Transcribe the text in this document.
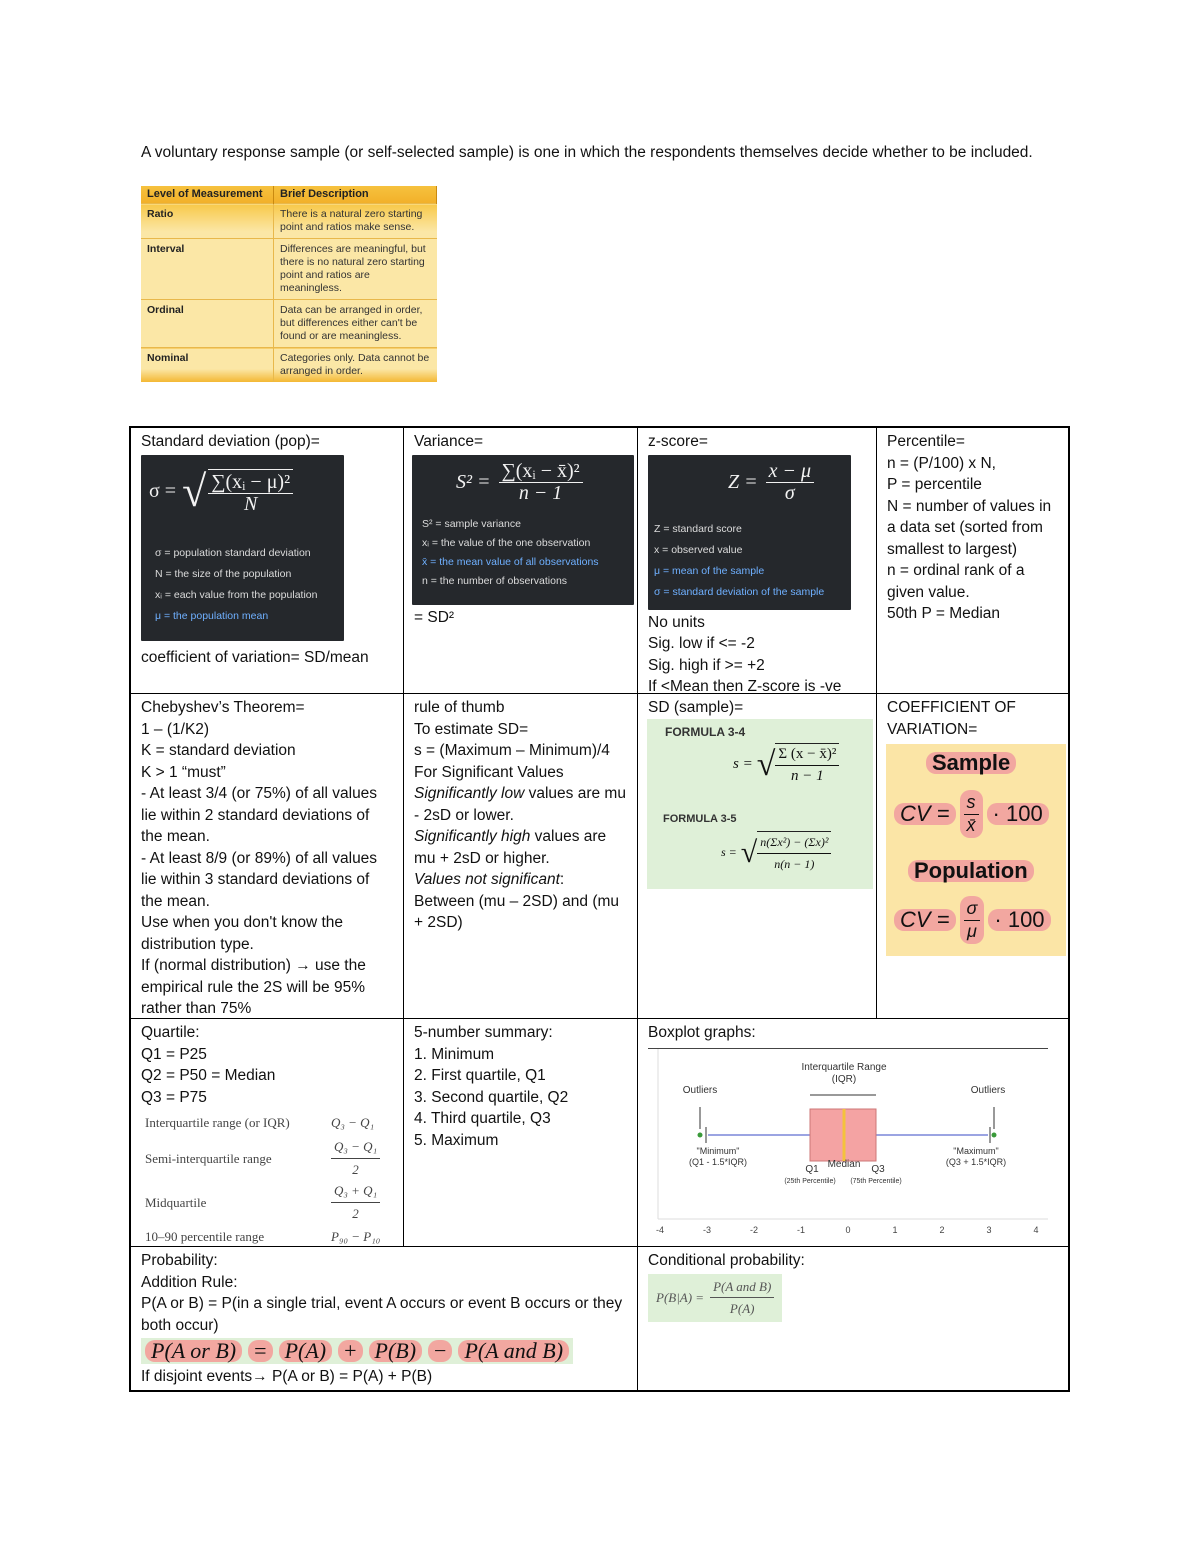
A voluntary response sample (or self-selected sample) is one in which the respondents themselves decide whether to be included.
Level of Measurement	Brief Description
Ratio	There is a natural zero starting point and ratios make sense.
Interval	Differences are meaningful, but there is no natural zero starting point and ratios are meaningless.
Ordinal	Data can be arranged in order, but differences either can't be found or are meaningless.
Nominal	Categories only. Data cannot be arranged in order.
Standard deviation (pop)=
σ = √ $\frac{\text{∑(xᵢ − μ)²}}{N}$
σ = population standard deviation
N = the size of the population
xᵢ = each value from the population
μ = the population mean
coefficient of variation= SD/mean
Variance=
$S^2 = \frac{\text{∑(xᵢ − x̄)²}}{n - 1}$
S² = sample variance
xᵢ = the value of the one observation
x̄ = the mean value of all observations
n = the number of observations
= SD²
z-score=
$Z = \frac{x - \mu}{\sigma}$
Z = standard score
x = observed value
μ = mean of the sample
σ = standard deviation of the sample
No units
Sig. low if <= -2
Sig. high if >= +2
If <Mean then Z-score is -ve
Percentile=
n = (P/100) x N,
P = percentile
N = number of values in a data set (sorted from smallest to largest)
n = ordinal rank of a given value.
50th P = Median
Chebyshev’s Theorem=
1 – (1/K2)
K = standard deviation
K > 1 “must”
- At least 3/4 (or 75%) of all values lie within 2 standard deviations of the mean.
- At least 8/9 (or 89%) of all values lie within 3 standard deviations of the mean.
Use when you don't know the distribution type.
If (normal distribution) → use the empirical rule the 2S will be 95% rather than 75%
rule of thumb
To estimate SD=
s = (Maximum – Minimum)/4
For Significant Values
Significantly low values are mu - 2sD or lower.
Significantly high values are mu + 2sD or higher.
Values not significant: Between (mu – 2SD) and (mu + 2SD)
SD (sample)=
FORMULA 3-4
s = √ $\frac{\text{Σ (x − x̄)²}}{n - 1}$
FORMULA 3-5
s = √ $\frac{\text{n(Σx²) − (Σx)²}}{n(n - 1)}$
COEFFICIENT OF VARIATION=
Sample
CV = $\frac{s}{x̄} \cdot 100$
Population
CV = $\frac{\sigma}{\mu} \cdot 100$
Quartile:
Q1 = P25
Q2 = P50 = Median
Q3 = P75
Interquartile range (or IQR)	Q₃ − Q₁
Semi-interquartile range	$\frac{\text{Q₃ − Q₁}}{2}$
Midquartile	$\frac{\text{Q₃ + Q₁}}{2}$
10–90 percentile range	P₉₀ − P₁₀
5-number summary:
1. Minimum
2. First quartile, Q1
3. Second quartile, Q2
4. Third quartile, Q3
5. Maximum
Boxplot graphs:
Interquartile Range
(IQR)
Outliers	Outliers
"Minimum"
(Q1 - 1.5*IQR)
"Maximum"
(Q3 + 1.5*IQR)
Q1 Median Q3
(25th Percentile) (75th Percentile)
-4	-3	-2	-1	0	1	2	3	4
Probability:
Addition Rule:
P(A or B) = P(in a single trial, event A occurs or event B occurs or they both occur)
P(A or B) = P(A) + P(B) − P(A and B)
If disjoint events→ P(A or B) = P(A) + P(B)
Conditional probability:
$P(B|A) = \frac{\text{P(A and B)}}{P(A)}$
